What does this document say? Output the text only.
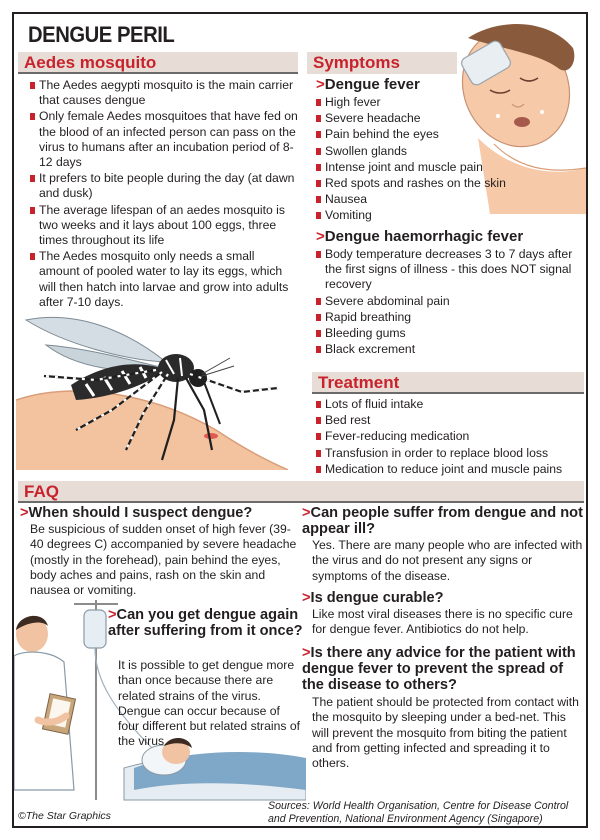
DENGUE PERIL
Aedes mosquito
The Aedes aegypti mosquito is the main carrier that causes dengue
Only female Aedes mosquitoes that have fed on the blood of an infected person can pass on the virus to humans after an incubation period of 8-12 days
It prefers to bite people during the day (at dawn and dusk)
The average lifespan of an aedes mosquito is two weeks and it lays about 100 eggs, three times throughout its life
The Aedes mosquito only needs a small amount of pooled water to lay its eggs, which will then hatch into larvae and grow into adults after 7-10 days.
Symptoms
>Dengue fever
High fever
Severe headache
Pain behind the eyes
Swollen glands
Intense joint and muscle pain
Red spots and rashes on the skin
Nausea
Vomiting
>Dengue haemorrhagic fever
Body temperature decreases 3 to 7 days after the first signs of illness - this does NOT signal recovery
Severe abdominal pain
Rapid breathing
Bleeding gums
Black excrement
Treatment
Lots of fluid intake
Bed rest
Fever-reducing medication
Transfusion in order to replace blood loss
Medication to reduce joint and muscle pains
FAQ
>When should I suspect dengue?
Be suspicious of sudden onset of high fever (39-40 degrees C) accompanied by severe headache (mostly in the forehead), pain behind the eyes, body aches and pains, rash on the skin and nausea or vomiting.
>Can you get dengue again after suffering from it once?
It is possible to get dengue more than once because there are related strains of the virus. Dengue can occur because of four different but related strains of the virus.
>Can people suffer from dengue and not appear ill?
Yes. There are many people who are infected with the virus and do not present any signs or symptoms of the disease.
>Is dengue curable?
Like most viral diseases there is no specific cure for dengue fever. Antibiotics do not help.
>Is there any advice for the patient with dengue fever to prevent the spread of the disease to others?
The patient should be protected from contact with the mosquito by sleeping under a bed-net. This will prevent the mosquito from biting the patient and from getting infected and spreading it to others.
Sources: World Health Organisation, Centre for Disease Control and Prevention, National Environment Agency (Singapore)
©The Star Graphics
